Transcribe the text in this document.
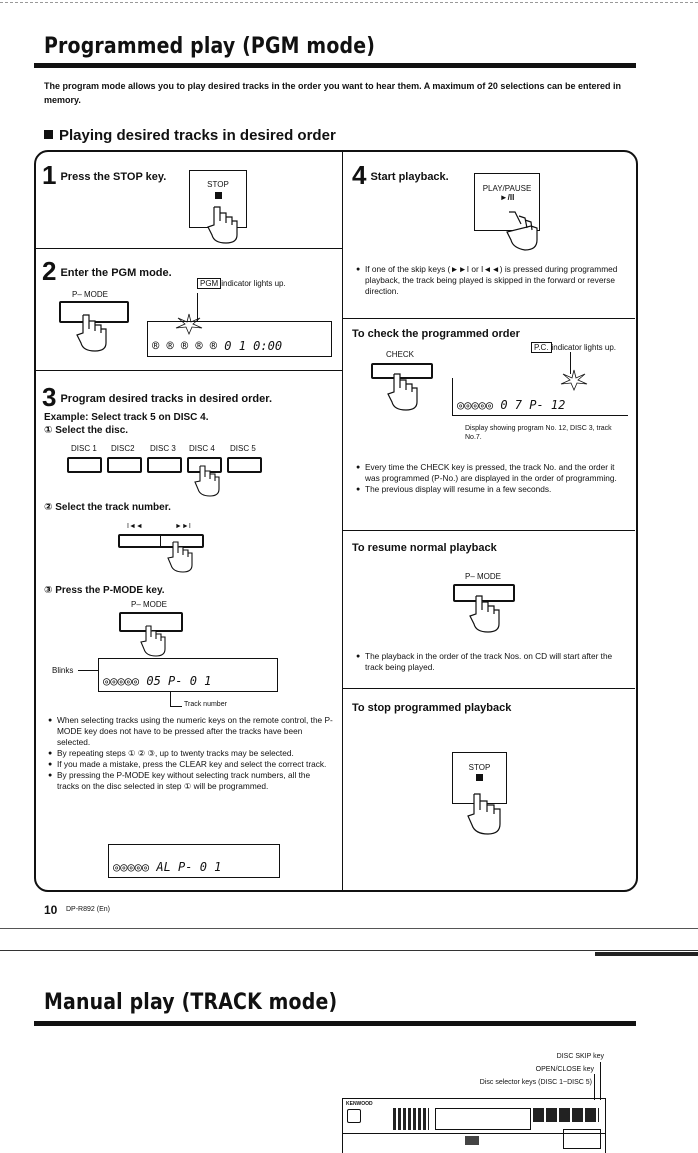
Programmed play (PGM mode)
The program mode allows you to play desired tracks in the order you want to hear them. A maximum of 20 selections can be entered in memory.
Playing desired tracks in desired order
1 Press the STOP key.
STOP
2 Enter the PGM mode.
PGM indicator lights up.
P– MODE
® ® ® ® ® 0 1 0:00
3 Program desired tracks in desired order.
Example: Select track 5 on DISC 4.
① Select the disc.
DISC 1 DISC2 DISC 3 DISC 4 DISC 5
② Select the track number.
I◄◄	►►I
③ Press the P-MODE key.
P– MODE
Blinks
◎◎◎◎◎ 05 P- 0 1
Track number
● When selecting tracks using the numeric keys on the remote control, the P-MODE key does not have to be pressed after the tracks have been selected.
● By repeating steps ① ② ③, up to twenty tracks may be selected.
● If you made a mistake, press the CLEAR key and select the correct track.
● By pressing the P-MODE key without selecting track numbers, all the tracks on the disc selected in step ① will be programmed.
◎◎◎◎◎ AL P- 0 1
4 Start playback.
PLAY/PAUSE
►/II
● If one of the skip keys (►►I or I◄◄) is pressed during programmed playback, the track being played is skipped in the forward or reverse direction.
To check the programmed order
P.C. indicator lights up.
CHECK
◎◎◎◎◎ 0 7 P- 12
Display showing program No. 12, DISC 3, track No.7.
● Every time the CHECK key is pressed, the track No. and the order it was programmed (P-No.) are displayed in the order of programming.
● The previous display will resume in a few seconds.
To resume normal playback
P– MODE
● The playback in the order of the track Nos. on CD will start after the track being played.
To stop programmed playback
STOP
10 DP-R892 (En)
Manual play (TRACK mode)
DISC SKIP key
OPEN/CLOSE key
Disc selector keys (DISC 1~DISC 5)
KENWOOD
